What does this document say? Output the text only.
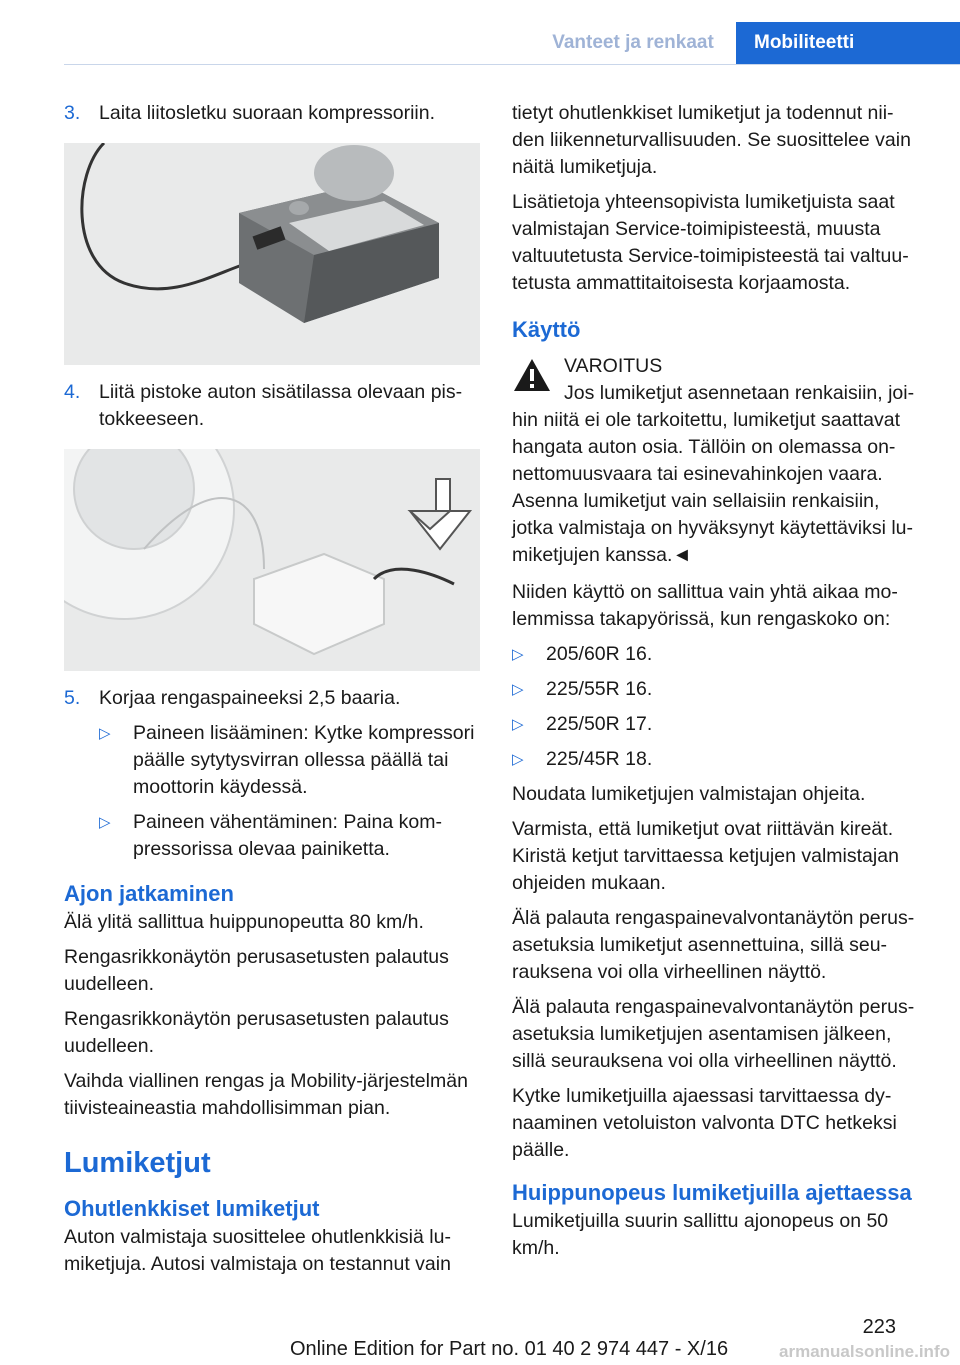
Vanteet ja renkaat	Mobiliteetti
3. Laita liitosletku suoraan kompressoriin.
4. Liitä pistoke auton sisätilassa olevaan pis-tokkeeseen.
5. Korjaa rengaspaineeksi 2,5 baaria.
▷ Paineen lisääminen: Kytke kompressori päälle sytytysvirran ollessa päällä tai moottorin käydessä.
▷ Paineen vähentäminen: Paina kom-pressorissa olevaa painiketta.
Ajon jatkaminen

Älä ylitä sallittua huippunopeutta 80 km/h.

Rengasrikkonäytön perusasetusten palautus uudelleen.

Rengasrikkonäytön perusasetusten palautus uudelleen.

Vaihda viallinen rengas ja Mobility-järjestelmän tiivisteaineastia mahdollisimman pian.

Lumiketjut
Ohutlenkkiset lumiketjut

Auton valmistaja suosittelee ohutlenkkisiä lu-miketjuja. Autosi valmistaja on testannut vain

tietyt ohutlenkkiset lumiketjut ja todennut nii-den liikenneturvallisuuden. Se suosittelee vain näitä lumiketjuja.

Lisätietoja yhteensopivista lumiketjuista saat valmistajan Service-toimipisteestä, muusta valtuutetusta Service-toimipisteestä tai valtuu-tetusta ammattitaitoisesta korjaamosta.

Käyttö
VAROITUS
Jos lumiketjut asennetaan renkaisiin, joi-hin niitä ei ole tarkoitettu, lumiketjut saattavat hangata auton osia. Tällöin on olemassa on-nettomuusvaara tai esinevahinkojen vaara. Asenna lumiketjut vain sellaisiin renkaisiin, jotka valmistaja on hyväksynyt käytettäviksi lu-miketjujen kanssa.◄

Niiden käyttö on sallittua vain yhtä aikaa mo-lemmissa takapyörissä, kun rengaskoko on:

▷ 205/60R 16.
▷ 225/55R 16.
▷ 225/50R 17.
▷ 225/45R 18.

Noudata lumiketjujen valmistajan ohjeita.

Varmista, että lumiketjut ovat riittävän kireät. Kiristä ketjut tarvittaessa ketjujen valmistajan ohjeiden mukaan.

Älä palauta rengaspainevalvontanäytön perus-asetuksia lumiketjut asennettuina, sillä seu-rauksena voi olla virheellinen näyttö.

Älä palauta rengaspainevalvontanäytön perus-asetuksia lumiketjujen asentamisen jälkeen, sillä seurauksena voi olla virheellinen näyttö.

Kytke lumiketjuilla ajaessasi tarvittaessa dy-naaminen vetoluiston valvonta DTC hetkeksi päälle.

Huippunopeus lumiketjuilla ajettaessa

Lumiketjuilla suurin sallittu ajonopeus on 50 km/h.

223
Online Edition for Part no. 01 40 2 974 447 - X/16	armanualsonline.info
